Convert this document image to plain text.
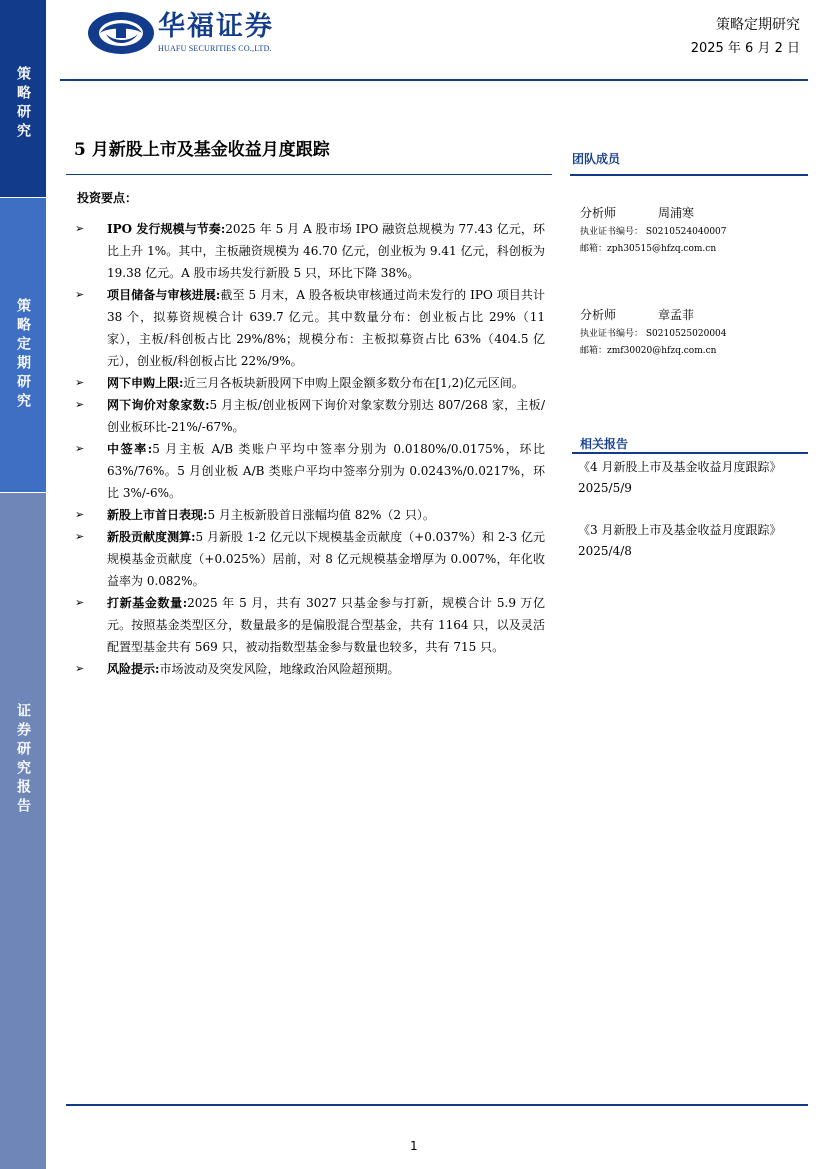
策略研究
策略定期研究
证券研究报告
华福证券
HUAFU SECURITIES CO.,LTD.
策略定期研究
2025 年 6 月 2 日
5 月新股上市及基金收益月度跟踪
投资要点：
➢ IPO 发行规模与节奏:2025 年 5 月 A 股市场 IPO 融资总规模为 77.43 亿元，环比上升 1%。其中，主板融资规模为 46.70 亿元，创业板为 9.41 亿元，科创板为 19.38 亿元。A 股市场共发行新股 5 只，环比下降 38%。
➢ 项目储备与审核进展:截至 5 月末，A 股各板块审核通过尚未发行的 IPO 项目共计 38 个，拟募资规模合计 639.7 亿元。其中数量分布：创业板占比 29%（11 家），主板/科创板占比 29%/8%；规模分布：主板拟募资占比 63%（404.5 亿元），创业板/科创板占比 22%/9%。
➢ 网下申购上限:近三月各板块新股网下申购上限金额多数分布在[1,2)亿元区间。
➢ 网下询价对象家数:5 月主板/创业板网下询价对象家数分别达 807/268 家，主板/创业板环比-21%/-67%。
➢ 中签率:5 月主板 A/B 类账户平均中签率分别为 0.0180%/0.0175%，环比 63%/76%。5 月创业板 A/B 类账户平均中签率分别为 0.0243%/0.0217%，环比 3%/-6%。
➢ 新股上市首日表现:5 月主板新股首日涨幅均值 82%（2 只）。
➢ 新股贡献度测算:5 月新股 1-2 亿元以下规模基金贡献度（+0.037%）和 2-3 亿元规模基金贡献度（+0.025%）居前，对 8 亿元规模基金增厚为 0.007%，年化收益率为 0.082%。
➢ 打新基金数量:2025 年 5 月，共有 3027 只基金参与打新，规模合计 5.9 万亿元。按照基金类型区分，数量最多的是偏股混合型基金，共有 1164 只，以及灵活配置型基金共有 569 只，被动指数型基金参与数量也较多，共有 715 只。
➢ 风险提示:市场波动及突发风险，地缘政治风险超预期。
团队成员
分析师	周浦寒
执业证书编号： S0210524040007
邮箱：zph30515@hfzq.com.cn
分析师	章孟菲
执业证书编号： S0210525020004
邮箱：zmf30020@hfzq.com.cn
相关报告
《4 月新股上市及基金收益月度跟踪》
2025/5/9
《3 月新股上市及基金收益月度跟踪》
2025/4/8
1
